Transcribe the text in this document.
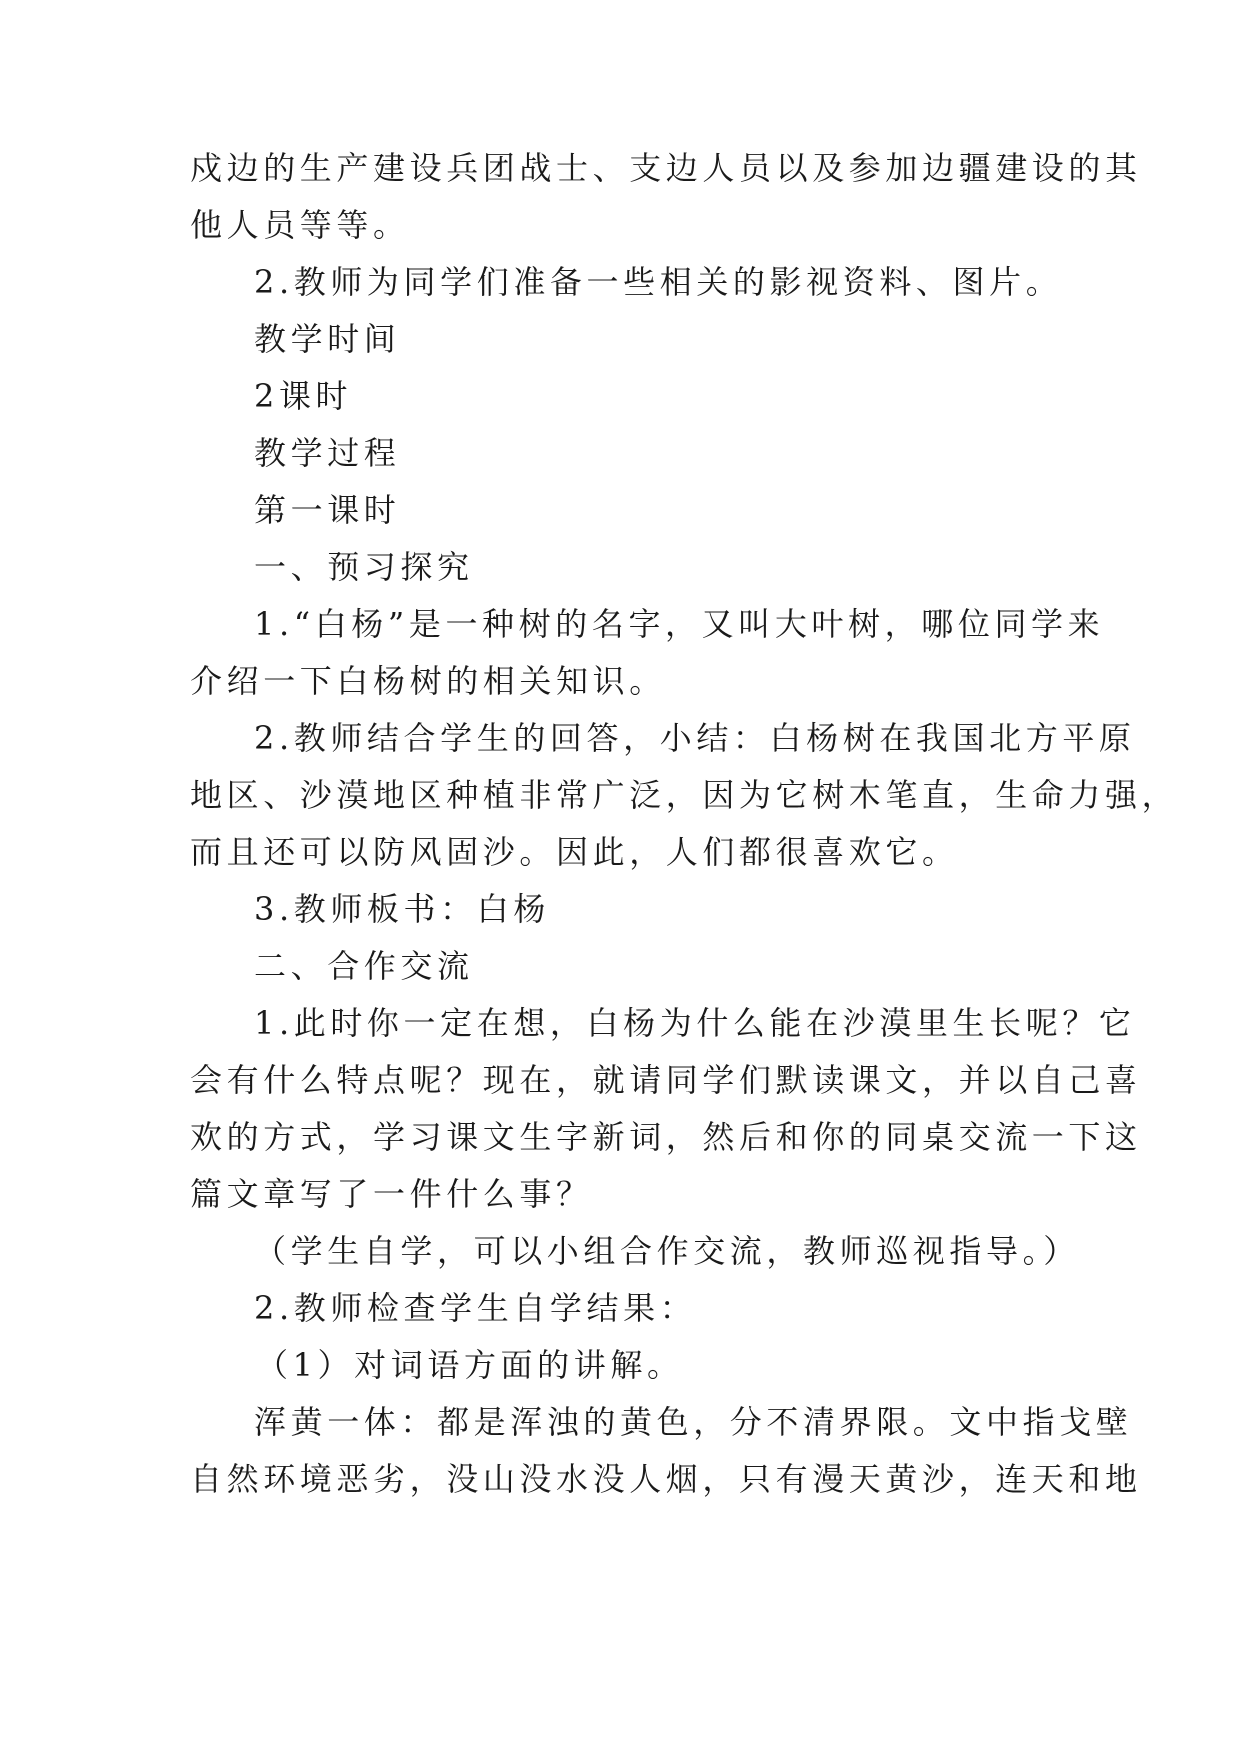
戍边的生产建设兵团战士、支边人员以及参加边疆建设的其
他人员等等。
2.教师为同学们准备一些相关的影视资料、图片。
教学时间
2课时
教学过程
第一课时
一、预习探究
1.“白杨”是一种树的名字，又叫大叶树，哪位同学来
介绍一下白杨树的相关知识。
2.教师结合学生的回答，小结：白杨树在我国北方平原
地区、沙漠地区种植非常广泛，因为它树木笔直，生命力强，
而且还可以防风固沙。因此，人们都很喜欢它。
3.教师板书：白杨
二、合作交流
1.此时你一定在想，白杨为什么能在沙漠里生长呢？它
会有什么特点呢？现在，就请同学们默读课文，并以自己喜
欢的方式，学习课文生字新词，然后和你的同桌交流一下这
篇文章写了一件什么事？
（学生自学，可以小组合作交流，教师巡视指导。）
2.教师检查学生自学结果：
（1）对词语方面的讲解。
浑黄一体：都是浑浊的黄色，分不清界限。文中指戈壁
自然环境恶劣，没山没水没人烟，只有漫天黄沙，连天和地
